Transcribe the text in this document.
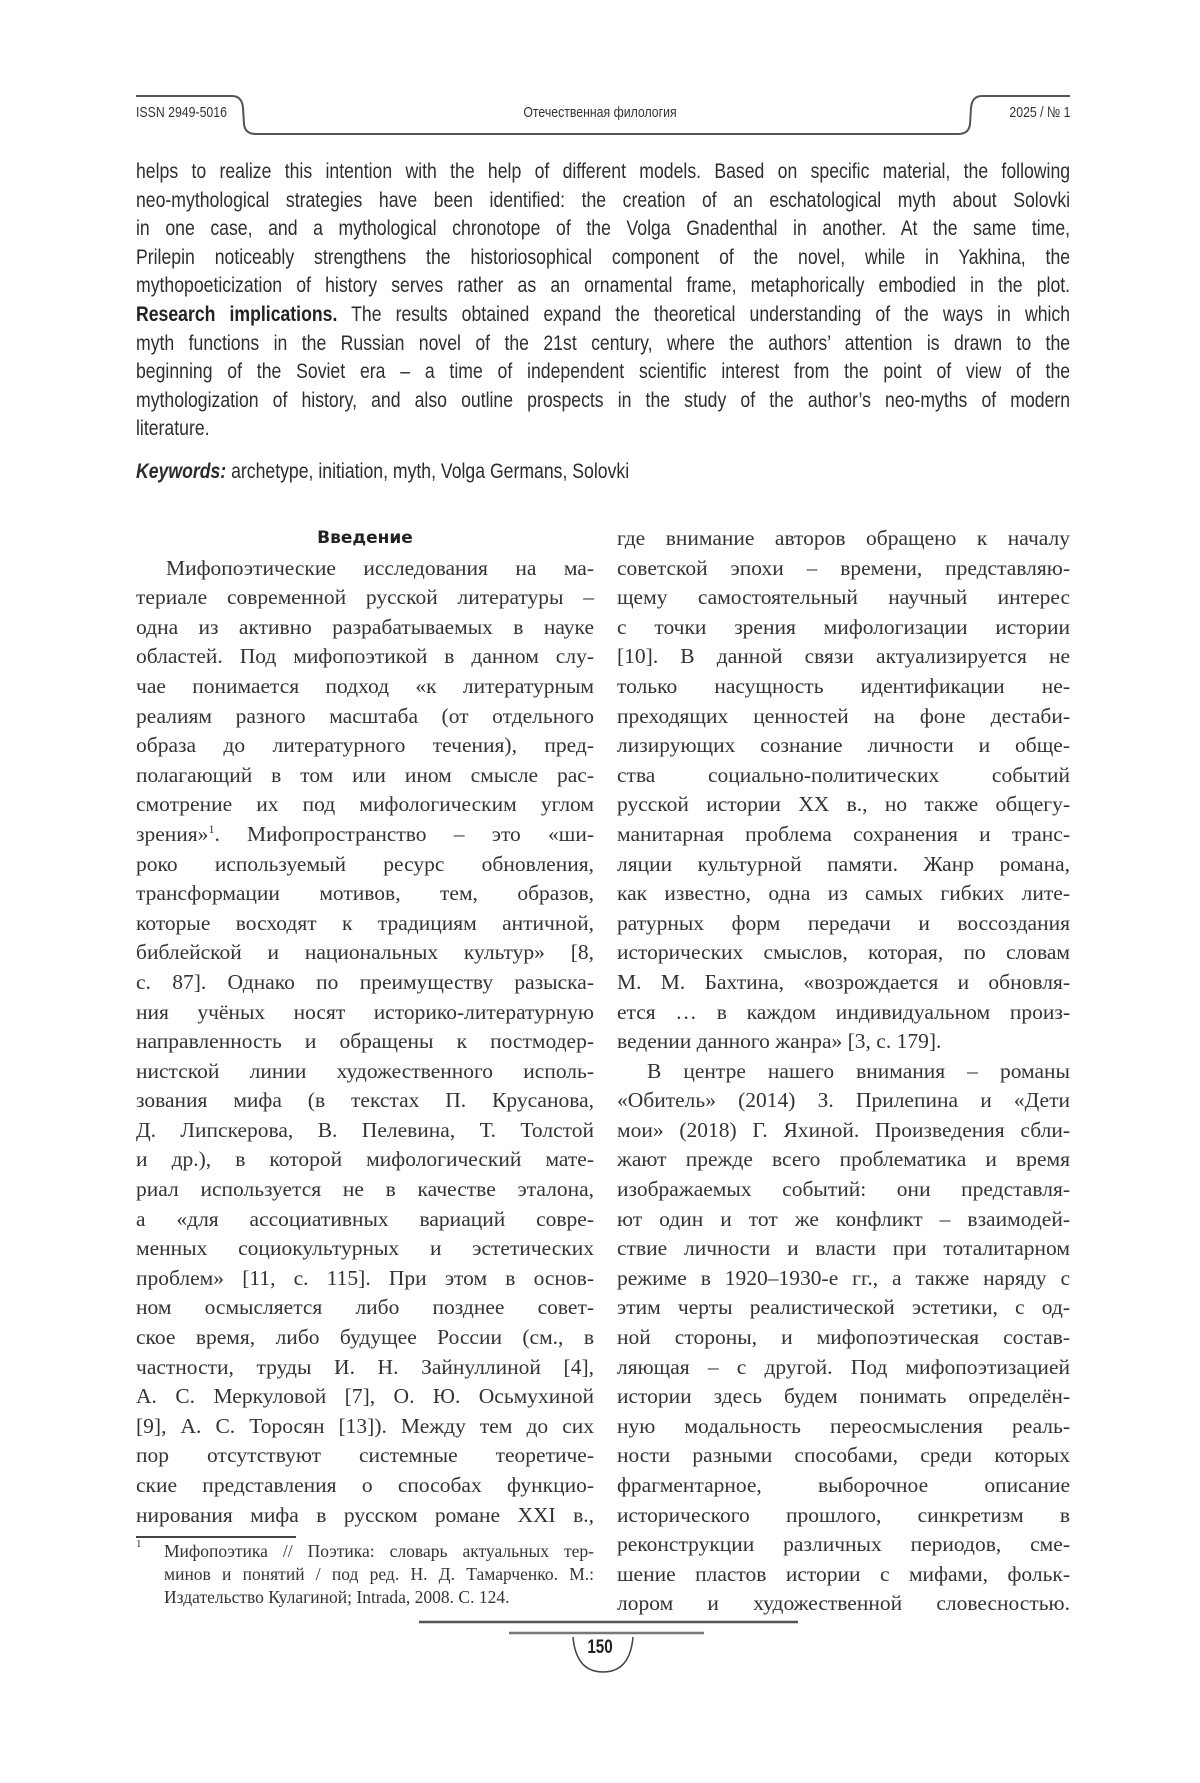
ISSN 2949-5016	Отечественная филология	2025 / № 1
helps to realize this intention with the help of different models. Based on specific material, the following
neo-mythological strategies have been identified: the creation of an eschatological myth about Solovki
in one case, and a mythological chronotope of the Volga Gnadenthal in another. At the same time,
Prilepin noticeably strengthens the historiosophical component of the novel, while in Yakhina, the
mythopoeticization of history serves rather as an ornamental frame, metaphorically embodied in the plot.
Research implications. The results obtained expand the theoretical understanding of the ways in which
myth functions in the Russian novel of the 21st century, where the authors’ attention is drawn to the
beginning of the Soviet era – a time of independent scientific interest from the point of view of the
mythologization of history, and also outline prospects in the study of the author’s neo-myths of modern
literature.
Keywords: archetype, initiation, myth, Volga Germans, Solovki
Введение
Мифопоэтические исследования на ма-
териале современной русской литературы –
одна из активно разрабатываемых в науке
областей. Под мифопоэтикой в данном слу-
чае понимается подход «к литературным
реалиям разного масштаба (от отдельного
образа до литературного течения), пред-
полагающий в том или ином смысле рас-
смотрение их под мифологическим углом
зрения»$^1$. Мифопространство – это «ши-
роко используемый ресурс обновления,
трансформации мотивов, тем, образов,
которые восходят к традициям античной,
библейской и национальных культур» [8,
с. 87]. Однако по преимуществу разыска-
ния учёных носят историко-литературную
направленность и обращены к постмодер-
нистской линии художественного исполь-
зования мифа (в текстах П. Крусанова,
Д. Липскерова, В. Пелевина, Т. Толстой
и др.), в которой мифологический мате-
риал используется не в качестве эталона,
а «для ассоциативных вариаций совре-
менных социокультурных и эстетических
проблем» [11, с. 115]. При этом в основ-
ном осмысляется либо позднее совет-
ское время, либо будущее России (см., в
частности, труды И. Н. Зайнуллиной [4],
А. С. Меркуловой [7], О. Ю. Осьмухиной
[9], А. С. Торосян [13]). Между тем до сих
пор отсутствуют системные теоретиче-
ские представления о способах функцио-
нирования мифа в русском романе XXI в.,
где внимание авторов обращено к началу
советской эпохи – времени, представляю-
щему самостоятельный научный интерес
с точки зрения мифологизации истории
[10]. В данной связи актуализируется не
только насущность идентификации не-
преходящих ценностей на фоне дестаби-
лизирующих сознание личности и обще-
ства социально-политических событий
русской истории XX в., но также общегу-
манитарная проблема сохранения и транс-
ляции культурной памяти. Жанр романа,
как известно, одна из самых гибких лите-
ратурных форм передачи и воссоздания
исторических смыслов, которая, по словам
М. М. Бахтина, «возрождается и обновля-
ется … в каждом индивидуальном произ-
ведении данного жанра» [3, с. 179].
В центре нашего внимания – романы
«Обитель» (2014) З. Прилепина и «Дети
мои» (2018) Г. Яхиной. Произведения сбли-
жают прежде всего проблематика и время
изображаемых событий: они представля-
ют один и тот же конфликт – взаимодей-
ствие личности и власти при тоталитарном
режиме в 1920–1930-е гг., а также наряду с
этим черты реалистической эстетики, с од-
ной стороны, и мифопоэтическая состав-
ляющая – с другой. Под мифопоэтизацией
истории здесь будем понимать определён-
ную модальность переосмысления реаль-
ности разными способами, среди которых
фрагментарное, выборочное описание
исторического прошлого, синкретизм в
реконструкции различных периодов, сме-
шение пластов истории с мифами, фольк-
лором и художественной словесностью.
1 Мифопоэтика // Поэтика: словарь актуальных тер-
минов и понятий / под ред. Н. Д. Тамарченко. М.:
Издательство Кулагиной; Intrada, 2008. С. 124.
150
